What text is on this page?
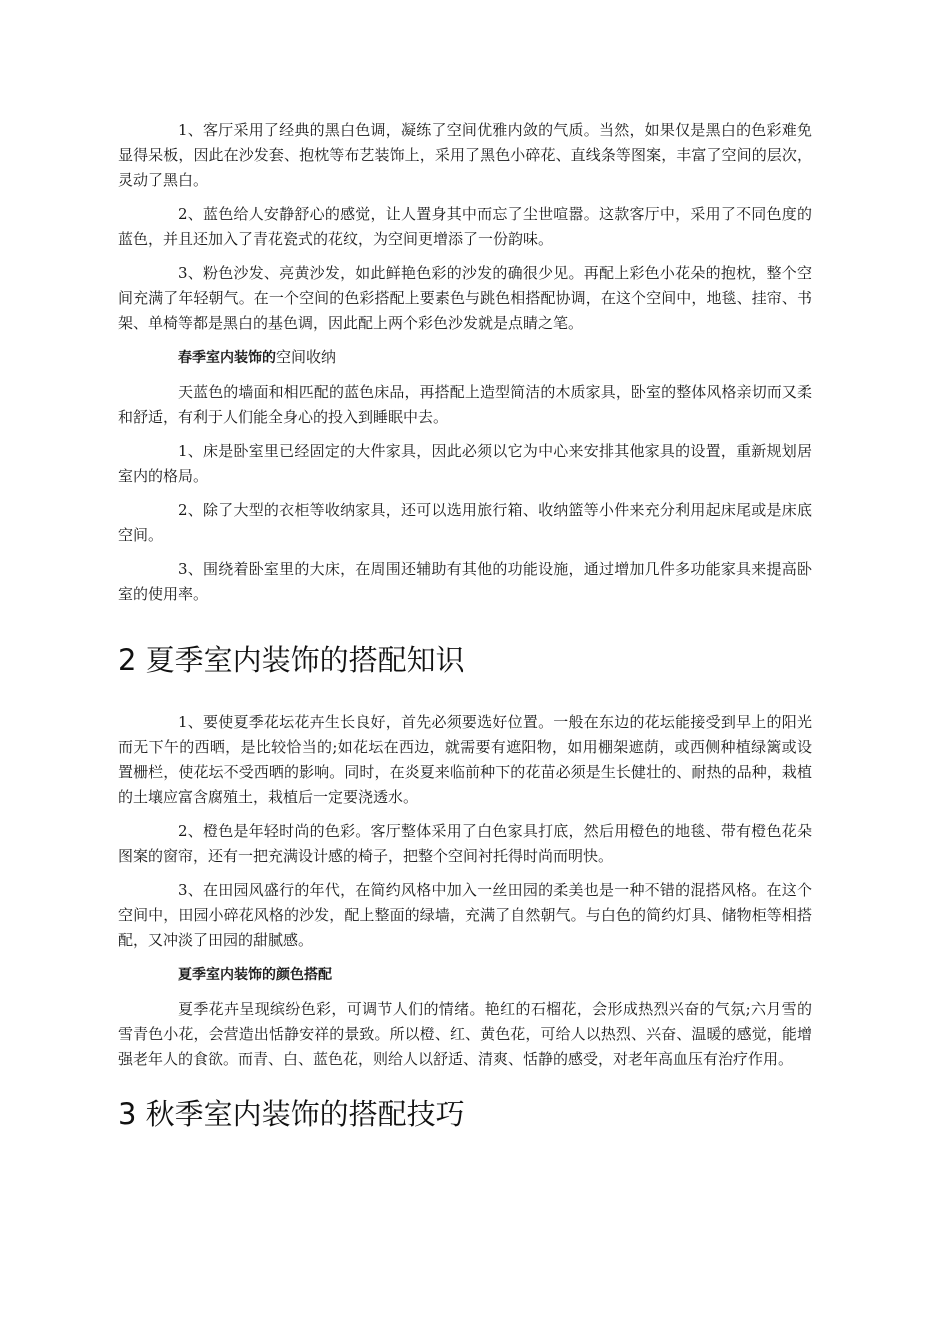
1、客厅采用了经典的黑白色调，凝练了空间优雅内敛的气质。当然，如果仅是黑白的色彩难免显得呆板，因此在沙发套、抱枕等布艺装饰上，采用了黑色小碎花、直线条等图案，丰富了空间的层次，灵动了黑白。

2、蓝色给人安静舒心的感觉，让人置身其中而忘了尘世喧嚣。这款客厅中，采用了不同色度的蓝色，并且还加入了青花瓷式的花纹，为空间更增添了一份韵味。

3、粉色沙发、亮黄沙发，如此鲜艳色彩的沙发的确很少见。再配上彩色小花朵的抱枕，整个空间充满了年轻朝气。在一个空间的色彩搭配上要素色与跳色相搭配协调，在这个空间中，地毯、挂帘、书架、单椅等都是黑白的基色调，因此配上两个彩色沙发就是点睛之笔。

春季室内装饰的空间收纳

天蓝色的墙面和相匹配的蓝色床品，再搭配上造型简洁的木质家具，卧室的整体风格亲切而又柔和舒适，有利于人们能全身心的投入到睡眠中去。

1、床是卧室里已经固定的大件家具，因此必须以它为中心来安排其他家具的设置，重新规划居室内的格局。

2、除了大型的衣柜等收纳家具，还可以选用旅行箱、收纳篮等小件来充分利用起床尾或是床底空间。

3、围绕着卧室里的大床，在周围还辅助有其他的功能设施，通过增加几件多功能家具来提高卧室的使用率。

2 夏季室内装饰的搭配知识

1、要使夏季花坛花卉生长良好，首先必须要选好位置。一般在东边的花坛能接受到早上的阳光而无下午的西晒，是比较恰当的;如花坛在西边，就需要有遮阳物，如用棚架遮荫，或西侧种植绿篱或设置栅栏，使花坛不受西晒的影响。同时，在炎夏来临前种下的花苗必须是生长健壮的、耐热的品种，栽植的土壤应富含腐殖土，栽植后一定要浇透水。

2、橙色是年轻时尚的色彩。客厅整体采用了白色家具打底，然后用橙色的地毯、带有橙色花朵图案的窗帘，还有一把充满设计感的椅子，把整个空间衬托得时尚而明快。

3、在田园风盛行的年代，在简约风格中加入一丝田园的柔美也是一种不错的混搭风格。在这个空间中，田园小碎花风格的沙发，配上整面的绿墙，充满了自然朝气。与白色的简约灯具、储物柜等相搭配，又冲淡了田园的甜腻感。

夏季室内装饰的颜色搭配

夏季花卉呈现缤纷色彩，可调节人们的情绪。艳红的石榴花，会形成热烈兴奋的气氛;六月雪的雪青色小花，会营造出恬静安祥的景致。所以橙、红、黄色花，可给人以热烈、兴奋、温暖的感觉，能增强老年人的食欲。而青、白、蓝色花，则给人以舒适、清爽、恬静的感受，对老年高血压有治疗作用。

3 秋季室内装饰的搭配技巧
